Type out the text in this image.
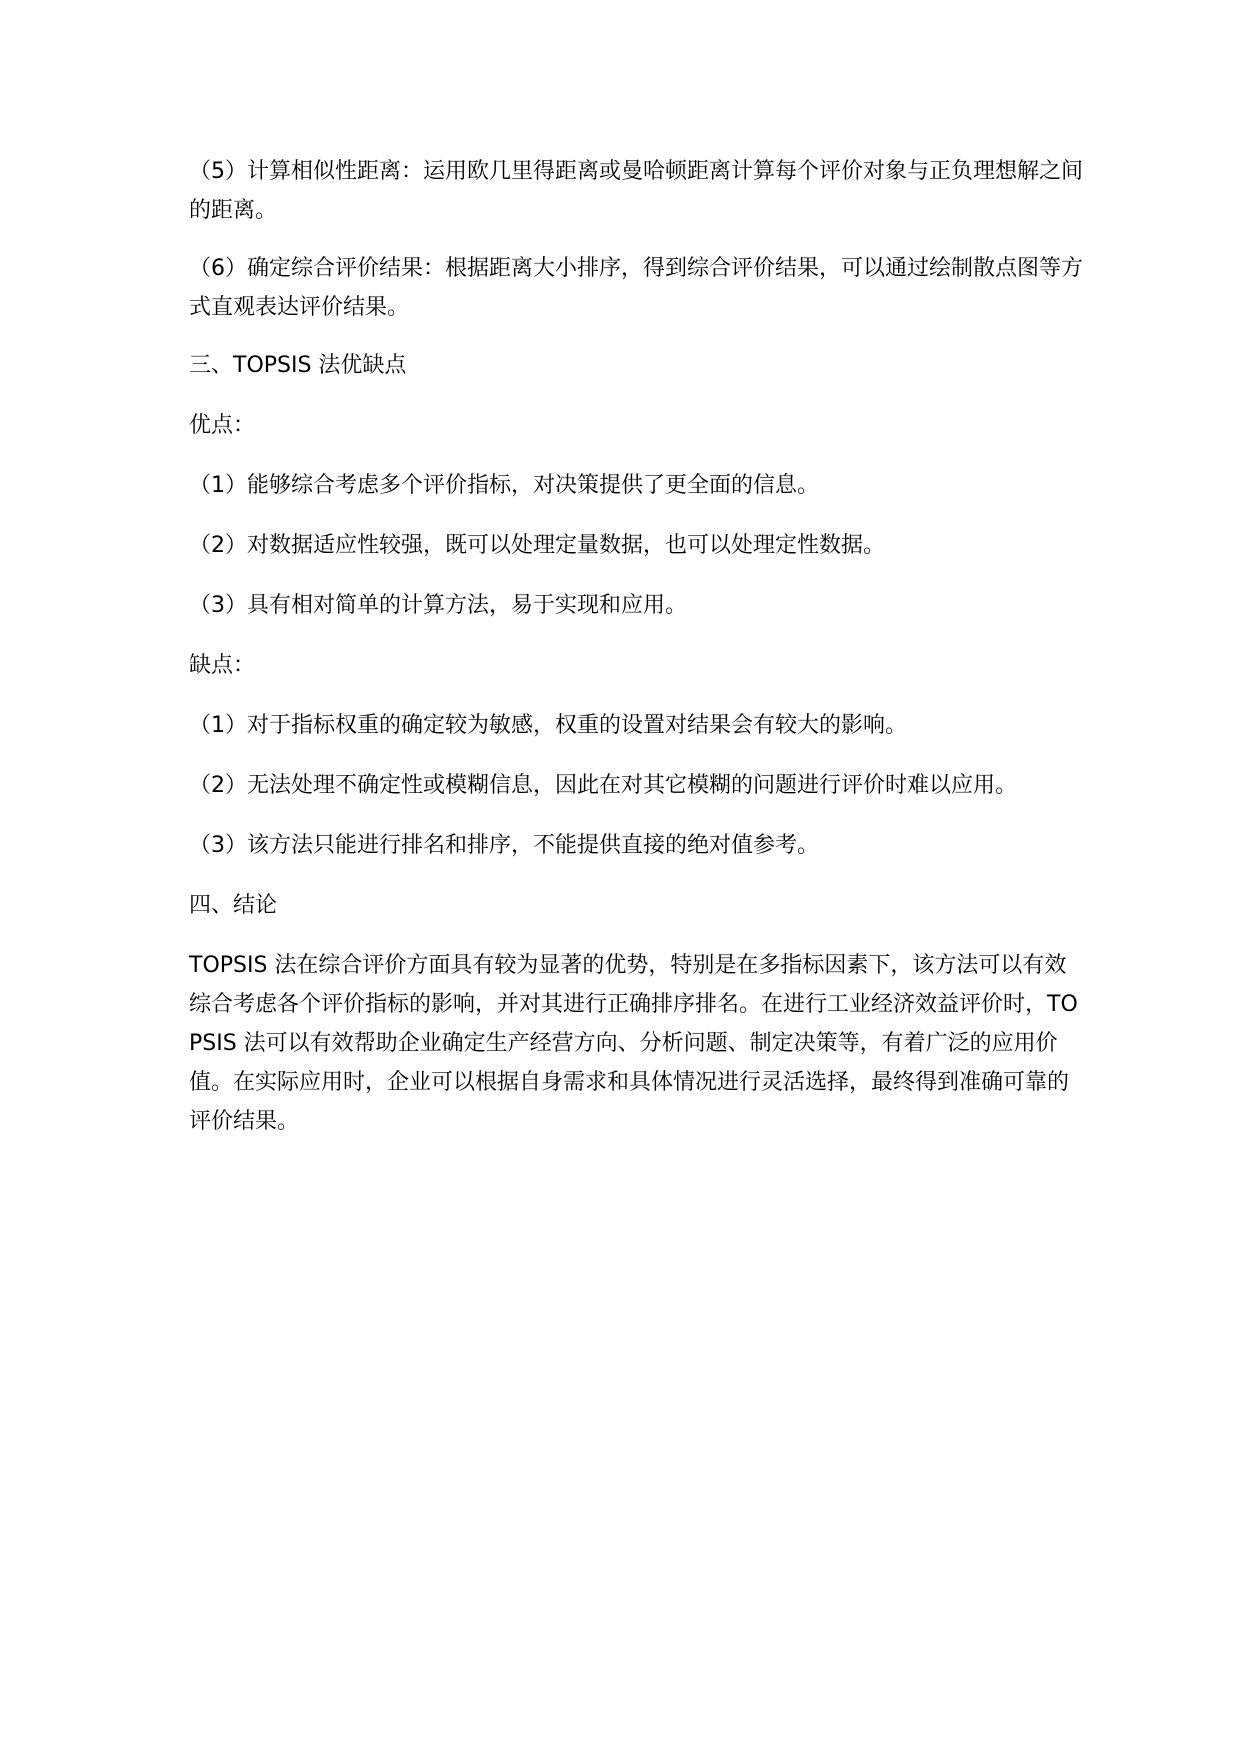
（5）计算相似性距离：运用欧几里得距离或曼哈顿距离计算每个评价对象与正负理想解之间的距离。

（6）确定综合评价结果：根据距离大小排序，得到综合评价结果，可以通过绘制散点图等方式直观表达评价结果。

三、TOPSIS 法优缺点

优点：

（1）能够综合考虑多个评价指标，对决策提供了更全面的信息。

（2）对数据适应性较强，既可以处理定量数据，也可以处理定性数据。

（3）具有相对简单的计算方法，易于实现和应用。

缺点：

（1）对于指标权重的确定较为敏感，权重的设置对结果会有较大的影响。

（2）无法处理不确定性或模糊信息，因此在对其它模糊的问题进行评价时难以应用。

（3）该方法只能进行排名和排序，不能提供直接的绝对值参考。

四、结论

TOPSIS 法在综合评价方面具有较为显著的优势，特别是在多指标因素下，该方法可以有效综合考虑各个评价指标的影响，并对其进行正确排序排名。在进行工业经济效益评价时，TOPSIS 法可以有效帮助企业确定生产经营方向、分析问题、制定决策等，有着广泛的应用价值。在实际应用时，企业可以根据自身需求和具体情况进行灵活选择，最终得到准确可靠的评价结果。
